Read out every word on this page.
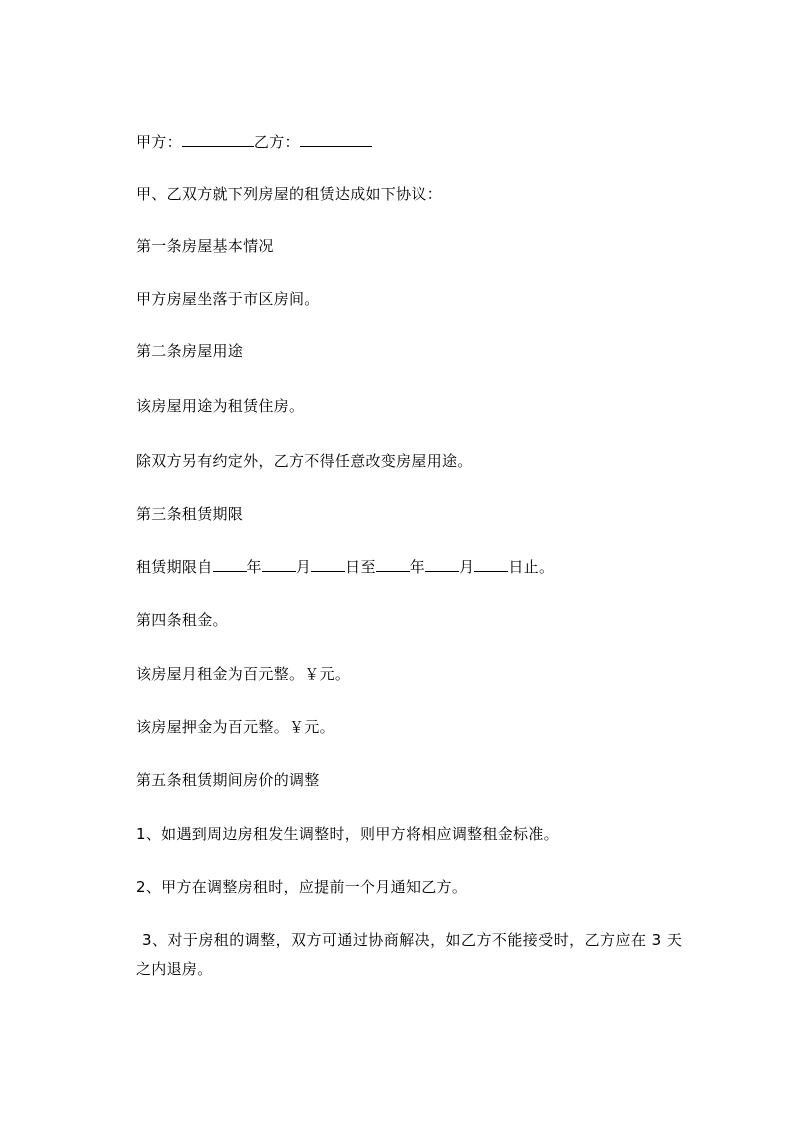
甲方：	乙方：
甲、乙双方就下列房屋的租赁达成如下协议：
第一条房屋基本情况
甲方房屋坐落于市区房间。
第二条房屋用途
该房屋用途为租赁住房。
除双方另有约定外，乙方不得任意改变房屋用途。
第三条租赁期限
租赁期限自 年 月 日至 年 月 日止。
第四条租金。
该房屋月租金为百元整。￥元。
该房屋押金为百元整。￥元。
第五条租赁期间房价的调整
1、如遇到周边房租发生调整时，则甲方将相应调整租金标准。
2、甲方在调整房租时，应提前一个月通知乙方。
3、对于房租的调整，双方可通过协商解决，如乙方不能接受时，乙方应在 3 天
之内退房。
